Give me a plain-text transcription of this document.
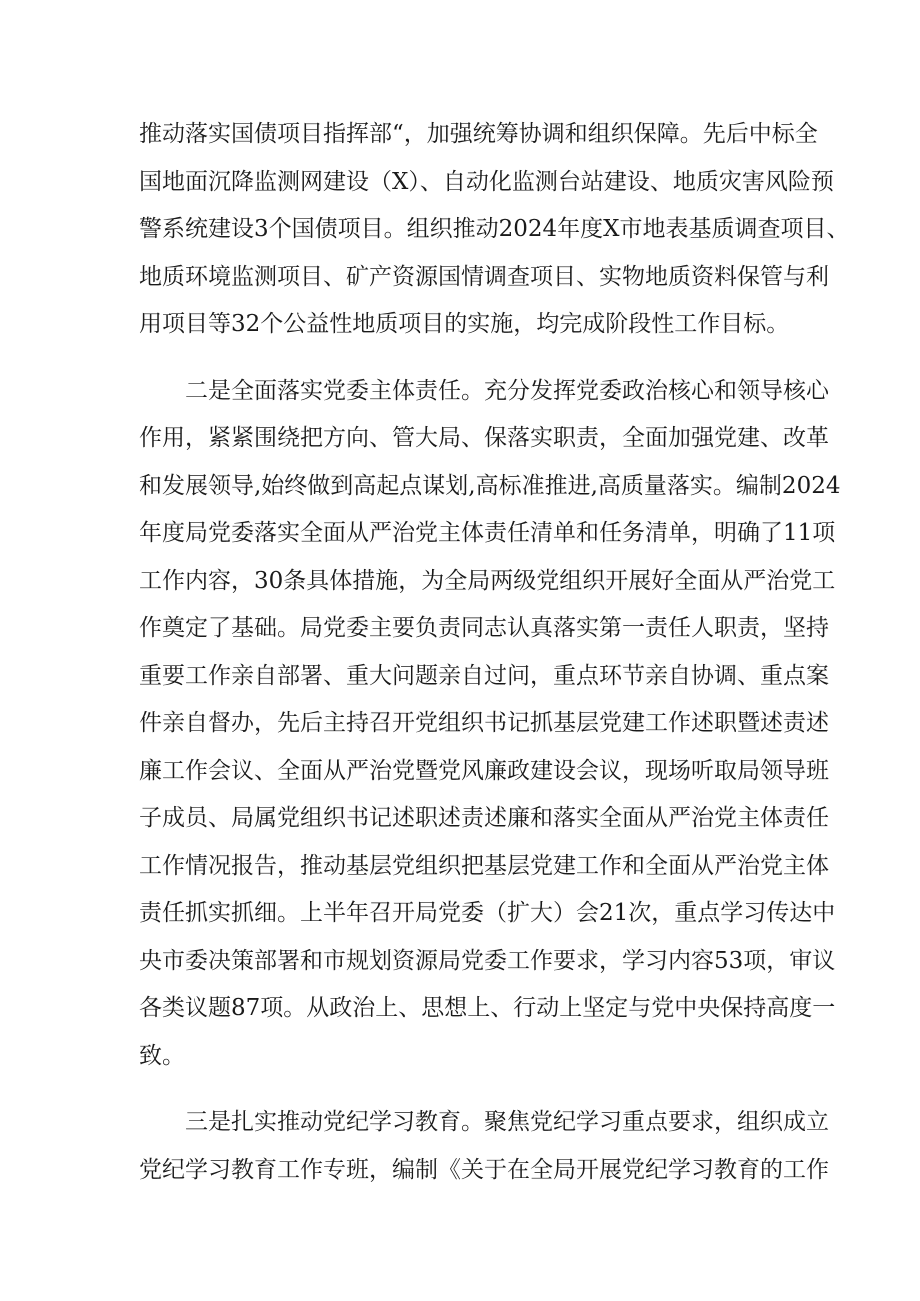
推动落实国债项目指挥部“，加强统筹协调和组织保障。先后中标全
国地面沉降监测网建设（X）、自动化监测台站建设、地质灾害风险预
警系统建设3个国债项目。组织推动2024年度X市地表基质调查项目、
地质环境监测项目、矿产资源国情调查项目、实物地质资料保管与利
用项目等32个公益性地质项目的实施，均完成阶段性工作目标。
二是全面落实党委主体责任。充分发挥党委政治核心和领导核心
作用，紧紧围绕把方向、管大局、保落实职责，全面加强党建、改革
和发展领导,始终做到高起点谋划,高标准推进,高质量落实。编制2024
年度局党委落实全面从严治党主体责任清单和任务清单，明确了11项
工作内容，30条具体措施，为全局两级党组织开展好全面从严治党工
作奠定了基础。局党委主要负责同志认真落实第一责任人职责，坚持
重要工作亲自部署、重大问题亲自过问，重点环节亲自协调、重点案
件亲自督办，先后主持召开党组织书记抓基层党建工作述职暨述责述
廉工作会议、全面从严治党暨党风廉政建设会议，现场听取局领导班
子成员、局属党组织书记述职述责述廉和落实全面从严治党主体责任
工作情况报告，推动基层党组织把基层党建工作和全面从严治党主体
责任抓实抓细。上半年召开局党委（扩大）会21次，重点学习传达中
央市委决策部署和市规划资源局党委工作要求，学习内容53项，审议
各类议题87项。从政治上、思想上、行动上坚定与党中央保持高度一
致。
三是扎实推动党纪学习教育。聚焦党纪学习重点要求，组织成立
党纪学习教育工作专班，编制《关于在全局开展党纪学习教育的工作
